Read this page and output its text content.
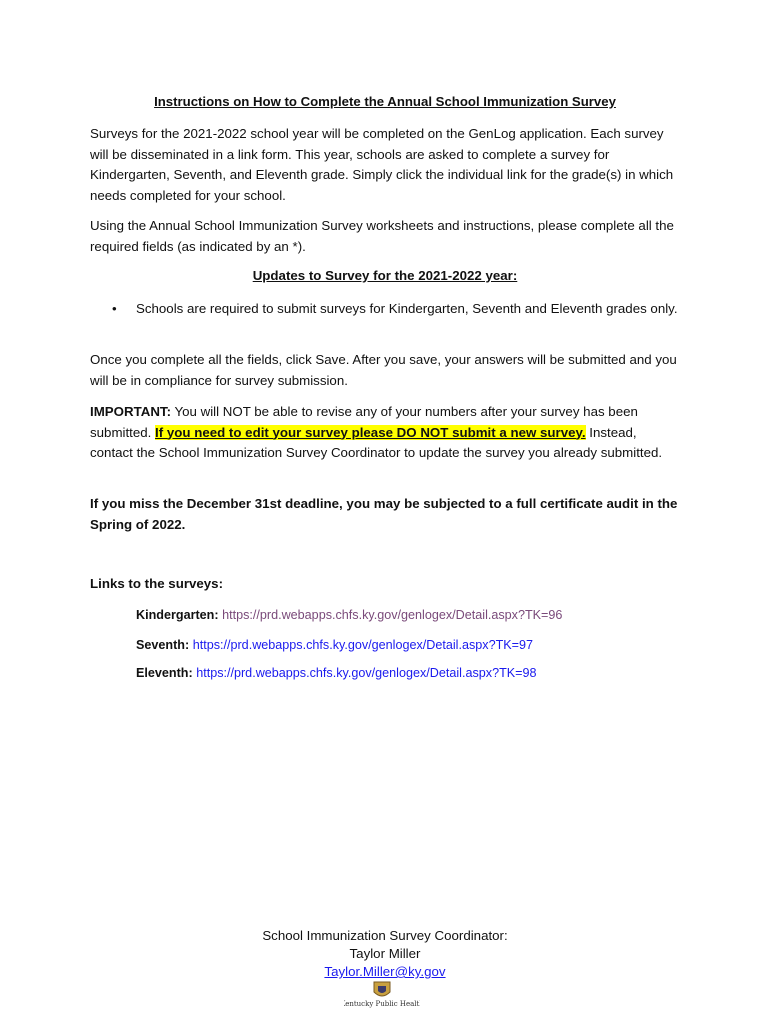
Instructions on How to Complete the Annual School Immunization Survey

Surveys for the 2021-2022 school year will be completed on the GenLog application. Each survey will be disseminated in a link form. This year, schools are asked to complete a survey for Kindergarten, Seventh, and Eleventh grade. Simply click the individual link for the grade(s) in which needs completed for your school.

Using the Annual School Immunization Survey worksheets and instructions, please complete all the required fields (as indicated by an *).

Updates to Survey for the 2021-2022 year:
•	Schools are required to submit surveys for Kindergarten, Seventh and Eleventh grades only.

Once you complete all the fields, click Save. After you save, your answers will be submitted and you will be in compliance for survey submission.

IMPORTANT: You will NOT be able to revise any of your numbers after your survey has been submitted. If you need to edit your survey please DO NOT submit a new survey. Instead, contact the School Immunization Survey Coordinator to update the survey you already submitted.

If you miss the December 31st deadline, you may be subjected to a full certificate audit in the Spring of 2022.

Links to the surveys:
Kindergarten: https://prd.webapps.chfs.ky.gov/genlogex/Detail.aspx?TK=96
Seventh: https://prd.webapps.chfs.ky.gov/genlogex/Detail.aspx?TK=97
Eleventh: https://prd.webapps.chfs.ky.gov/genlogex/Detail.aspx?TK=98
School Immunization Survey Coordinator:
Taylor Miller
Taylor.Miller@ky.gov
Kentucky Public Health
